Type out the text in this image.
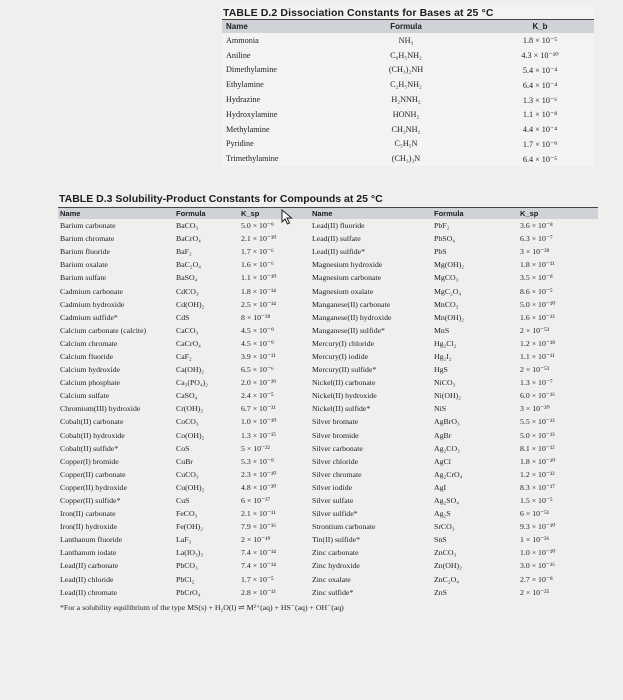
TABLE D.2 Dissociation Constants for Bases at 25 °C
Name	Formula	K_b
Ammonia	NH₃	1.8 × 10⁻⁵
Aniline	C₆H₅NH₂	4.3 × 10⁻¹⁰
Dimethylamine	(CH₃)₂NH	5.4 × 10⁻⁴
Ethylamine	C₂H₅NH₂	6.4 × 10⁻⁴
Hydrazine	H₂NNH₂	1.3 × 10⁻⁶
Hydroxylamine	HONH₂	1.1 × 10⁻⁸
Methylamine	CH₃NH₂	4.4 × 10⁻⁴
Pyridine	C₅H₅N	1.7 × 10⁻⁹
Trimethylamine	(CH₃)₃N	6.4 × 10⁻⁵
TABLE D.3 Solubility-Product Constants for Compounds at 25 °C
Name	Formula	K_sp	Name	Formula	K_sp
Barium carbonate	BaCO₃	5.0 × 10⁻⁹	Lead(II) fluoride	PbF₂	3.6 × 10⁻⁸
Barium chromate	BaCrO₄	2.1 × 10⁻¹⁰	Lead(II) sulfate	PbSO₄	6.3 × 10⁻⁷
Barium fluoride	BaF₂	1.7 × 10⁻⁶	Lead(II) sulfide*	PbS	3 × 10⁻²⁸
Barium oxalate	BaC₂O₄	1.6 × 10⁻⁶	Magnesium hydroxide	Mg(OH)₂	1.8 × 10⁻¹¹
Barium sulfate	BaSO₄	1.1 × 10⁻¹⁰	Magnesium carbonate	MgCO₃	3.5 × 10⁻⁸
Cadmium carbonate	CdCO₃	1.8 × 10⁻¹⁴	Magnesium oxalate	MgC₂O₄	8.6 × 10⁻⁵
Cadmium hydroxide	Cd(OH)₂	2.5 × 10⁻¹⁴	Manganese(II) carbonate	MnCO₃	5.0 × 10⁻¹⁰
Cadmium sulfide*	CdS	8 × 10⁻²⁸	Manganese(II) hydroxide	Mn(OH)₂	1.6 × 10⁻¹³
Calcium carbonate (calcite)	CaCO₃	4.5 × 10⁻⁹	Manganese(II) sulfide*	MnS	2 × 10⁻⁵³
Calcium chromate	CaCrO₄	4.5 × 10⁻⁹	Mercury(I) chloride	Hg₂Cl₂	1.2 × 10⁻¹⁸
Calcium fluoride	CaF₂	3.9 × 10⁻¹¹	Mercury(I) iodide	Hg₂I₂	1.1 × 10⁻¹¹
Calcium hydroxide	Ca(OH)₂	6.5 × 10⁻⁶	Mercury(II) sulfide*	HgS	2 × 10⁻⁵³
Calcium phosphate	Ca₃(PO₄)₂	2.0 × 10⁻²⁹	Nickel(II) carbonate	NiCO₃	1.3 × 10⁻⁷
Calcium sulfate	CaSO₄	2.4 × 10⁻⁵	Nickel(II) hydroxide	Ni(OH)₂	6.0 × 10⁻¹⁶
Chromium(III) hydroxide	Cr(OH)₃	6.7 × 10⁻³¹	Nickel(II) sulfide*	NiS	3 × 10⁻²⁰
Cobalt(II) carbonate	CoCO₃	1.0 × 10⁻¹⁰	Silver bromate	AgBrO₃	5.5 × 10⁻¹³
Cobalt(II) hydroxide	Co(OH)₂	1.3 × 10⁻¹⁵	Silver bromide	AgBr	5.0 × 10⁻¹³
Cobalt(II) sulfide*	CoS	5 × 10⁻²²	Silver carbonate	Ag₂CO₃	8.1 × 10⁻¹²
Copper(I) bromide	CuBr	5.3 × 10⁻⁹	Silver chloride	AgCl	1.8 × 10⁻¹⁰
Copper(II) carbonate	CuCO₃	2.3 × 10⁻¹⁰	Silver chromate	Ag₂CrO₄	1.2 × 10⁻¹²
Copper(II) hydroxide	Cu(OH)₂	4.8 × 10⁻²⁰	Silver iodide	AgI	8.3 × 10⁻¹⁷
Copper(II) sulfide*	CuS	6 × 10⁻³⁷	Silver sulfate	Ag₂SO₄	1.5 × 10⁻⁵
Iron(II) carbonate	FeCO₃	2.1 × 10⁻¹¹	Silver sulfide*	Ag₂S	6 × 10⁻⁵¹
Iron(II) hydroxide	Fe(OH)₂	7.9 × 10⁻¹⁶	Strontium carbonate	SrCO₃	9.3 × 10⁻¹⁰
Lanthanum fluoride	LaF₃	2 × 10⁻¹⁹	Tin(II) sulfide*	SnS	1 × 10⁻²⁶
Lanthanum iodate	La(IO₃)₃	7.4 × 10⁻¹⁴	Zinc carbonate	ZnCO₃	1.0 × 10⁻¹⁰
Lead(II) carbonate	PbCO₃	7.4 × 10⁻¹⁴	Zinc hydroxide	Zn(OH)₂	3.0 × 10⁻¹⁶
Lead(II) chloride	PbCl₂	1.7 × 10⁻⁵	Zinc oxalate	ZnC₂O₄	2.7 × 10⁻⁸
Lead(II) chromate	PbCrO₄	2.8 × 10⁻¹³	Zinc sulfide*	ZnS	2 × 10⁻²⁵
*For a solubility equilibrium of the type MS(s) + H₂O(l) ⇌ M²⁺(aq) + HS⁻(aq) + OH⁻(aq)
